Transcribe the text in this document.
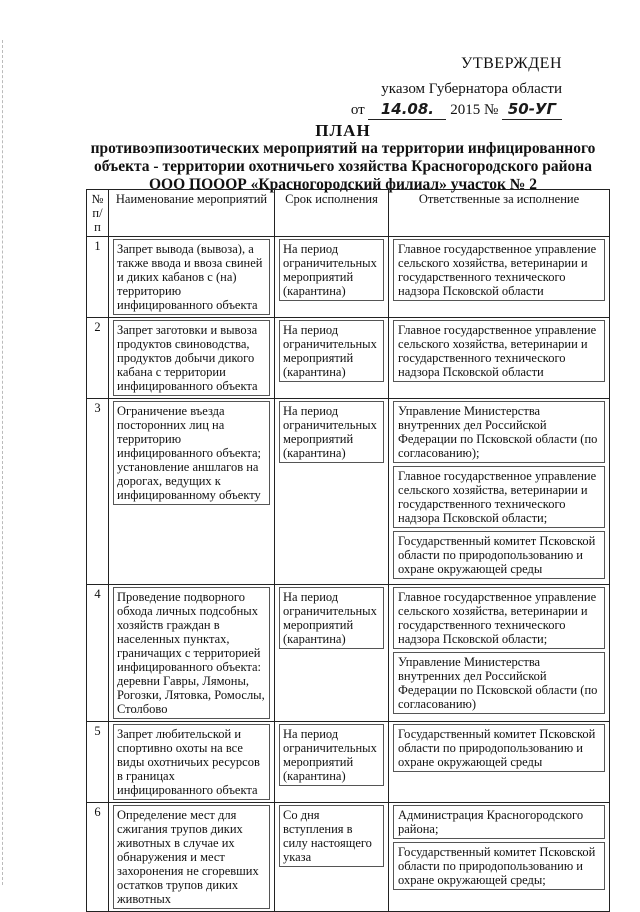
УТВЕРЖДЕН
указом Губернатора области
от 14.08. 2015 № 50-УГ
ПЛАН
противоэпизоотических мероприятий на территории инфицированного
объекта - территории охотничьего хозяйства Красногородского района
ООО ПОООР «Красногородский филиал» участок № 2
№ п/п	Наименование мероприятий	Срок исполнения	Ответственные за исполнение
1	Запрет вывода (вывоза), а также ввода и ввоза свиней и диких кабанов с (на) территорию инфицированного объекта	На период ограничительных мероприятий (карантина)	Главное государственное управление сельского хозяйства, ветеринарии и государственного технического надзора Псковской области

2	Запрет заготовки и вывоза продуктов свиноводства, продуктов добычи дикого кабана с территории инфицированного объекта	На период ограничительных мероприятий (карантина)	Главное государственное управление сельского хозяйства, ветеринарии и государственного технического надзора Псковской области

3	Ограничение въезда посторонних лиц на территорию инфицированного объекта; установление аншлагов на дорогах, ведущих к инфицированному объекту	На период ограничительных мероприятий (карантина)	Управление Министерства внутренних дел Российской Федерации по Псковской области (по согласованию);
Главное государственное управление сельского хозяйства, ветеринарии и государственного технического надзора Псковской области;
Государственный комитет Псковской области по природопользованию и охране окружающей среды

4	Проведение подворного обхода личных подсобных хозяйств граждан в населенных пунктах, граничащих с территорией инфицированного объекта: деревни Гавры, Лямоны, Рогозки, Лятовка, Ромослы, Столбово	На период ограничительных мероприятий (карантина)	Главное государственное управление сельского хозяйства, ветеринарии и государственного технического надзора Псковской области;
Управление Министерства внутренних дел Российской Федерации по Псковской области (по согласованию)

5	Запрет любительской и спортивно охоты на все виды охотничьих ресурсов в границах инфицированного объекта	На период ограничительных мероприятий (карантина)	Государственный комитет Псковской области по природопользованию и охране окружающей среды

6	Определение мест для сжигания трупов диких животных в случае их обнаружения и мест захоронения не сгоревших остатков трупов диких животных	Со дня вступления в силу настоящего указа	Администрация Красногородского района;
Государственный комитет Псковской области по природопользованию и охране окружающей среды;
